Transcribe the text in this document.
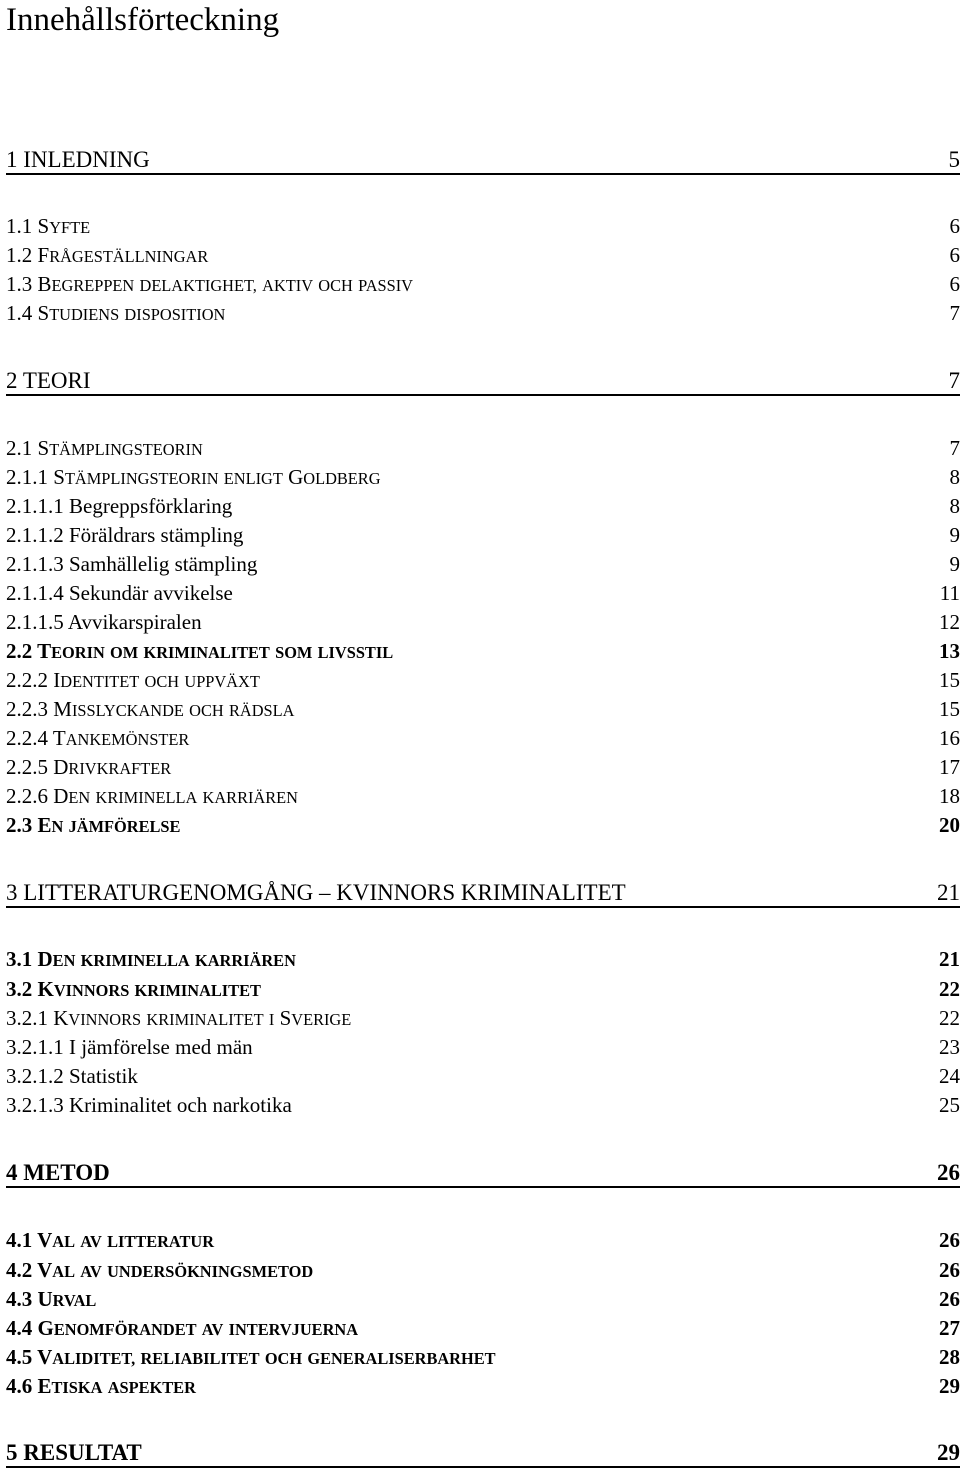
Innehållsförteckning
1 INLEDNING	5
1.1 SYFTE	6
1.2 FRÅGESTÄLLNINGAR	6
1.3 BEGREPPEN DELAKTIGHET, AKTIV OCH PASSIV	6
1.4 STUDIENS DISPOSITION	7
2 TEORI	7
2.1 STÄMPLINGSTEORIN	7
2.1.1 STÄMPLINGSTEORIN ENLIGT GOLDBERG	8
2.1.1.1 Begreppsförklaring	8
2.1.1.2 Föräldrars stämpling	9
2.1.1.3 Samhällelig stämpling	9
2.1.1.4 Sekundär avvikelse	11
2.1.1.5 Avvikarspiralen	12
2.2 TEORIN OM KRIMINALITET SOM LIVSSTIL	13
2.2.2 IDENTITET OCH UPPVÄXT	15
2.2.3 MISSLYCKANDE OCH RÄDSLA	15
2.2.4 TANKEMÖNSTER	16
2.2.5 DRIVKRAFTER	17
2.2.6 DEN KRIMINELLA KARRIÄREN	18
2.3 EN JÄMFÖRELSE	20
3 LITTERATURGENOMGÅNG – KVINNORS KRIMINALITET	21
3.1 DEN KRIMINELLA KARRIÄREN	21
3.2 KVINNORS KRIMINALITET	22
3.2.1 KVINNORS KRIMINALITET I SVERIGE	22
3.2.1.1 I jämförelse med män	23
3.2.1.2 Statistik	24
3.2.1.3 Kriminalitet och narkotika	25
4 METOD	26
4.1 VAL AV LITTERATUR	26
4.2 VAL AV UNDERSÖKNINGSMETOD	26
4.3 URVAL	26
4.4 GENOMFÖRANDET AV INTERVJUERNA	27
4.5 VALIDITET, RELIABILITET OCH GENERALISERBARHET	28
4.6 ETISKA ASPEKTER	29
5 RESULTAT	29
